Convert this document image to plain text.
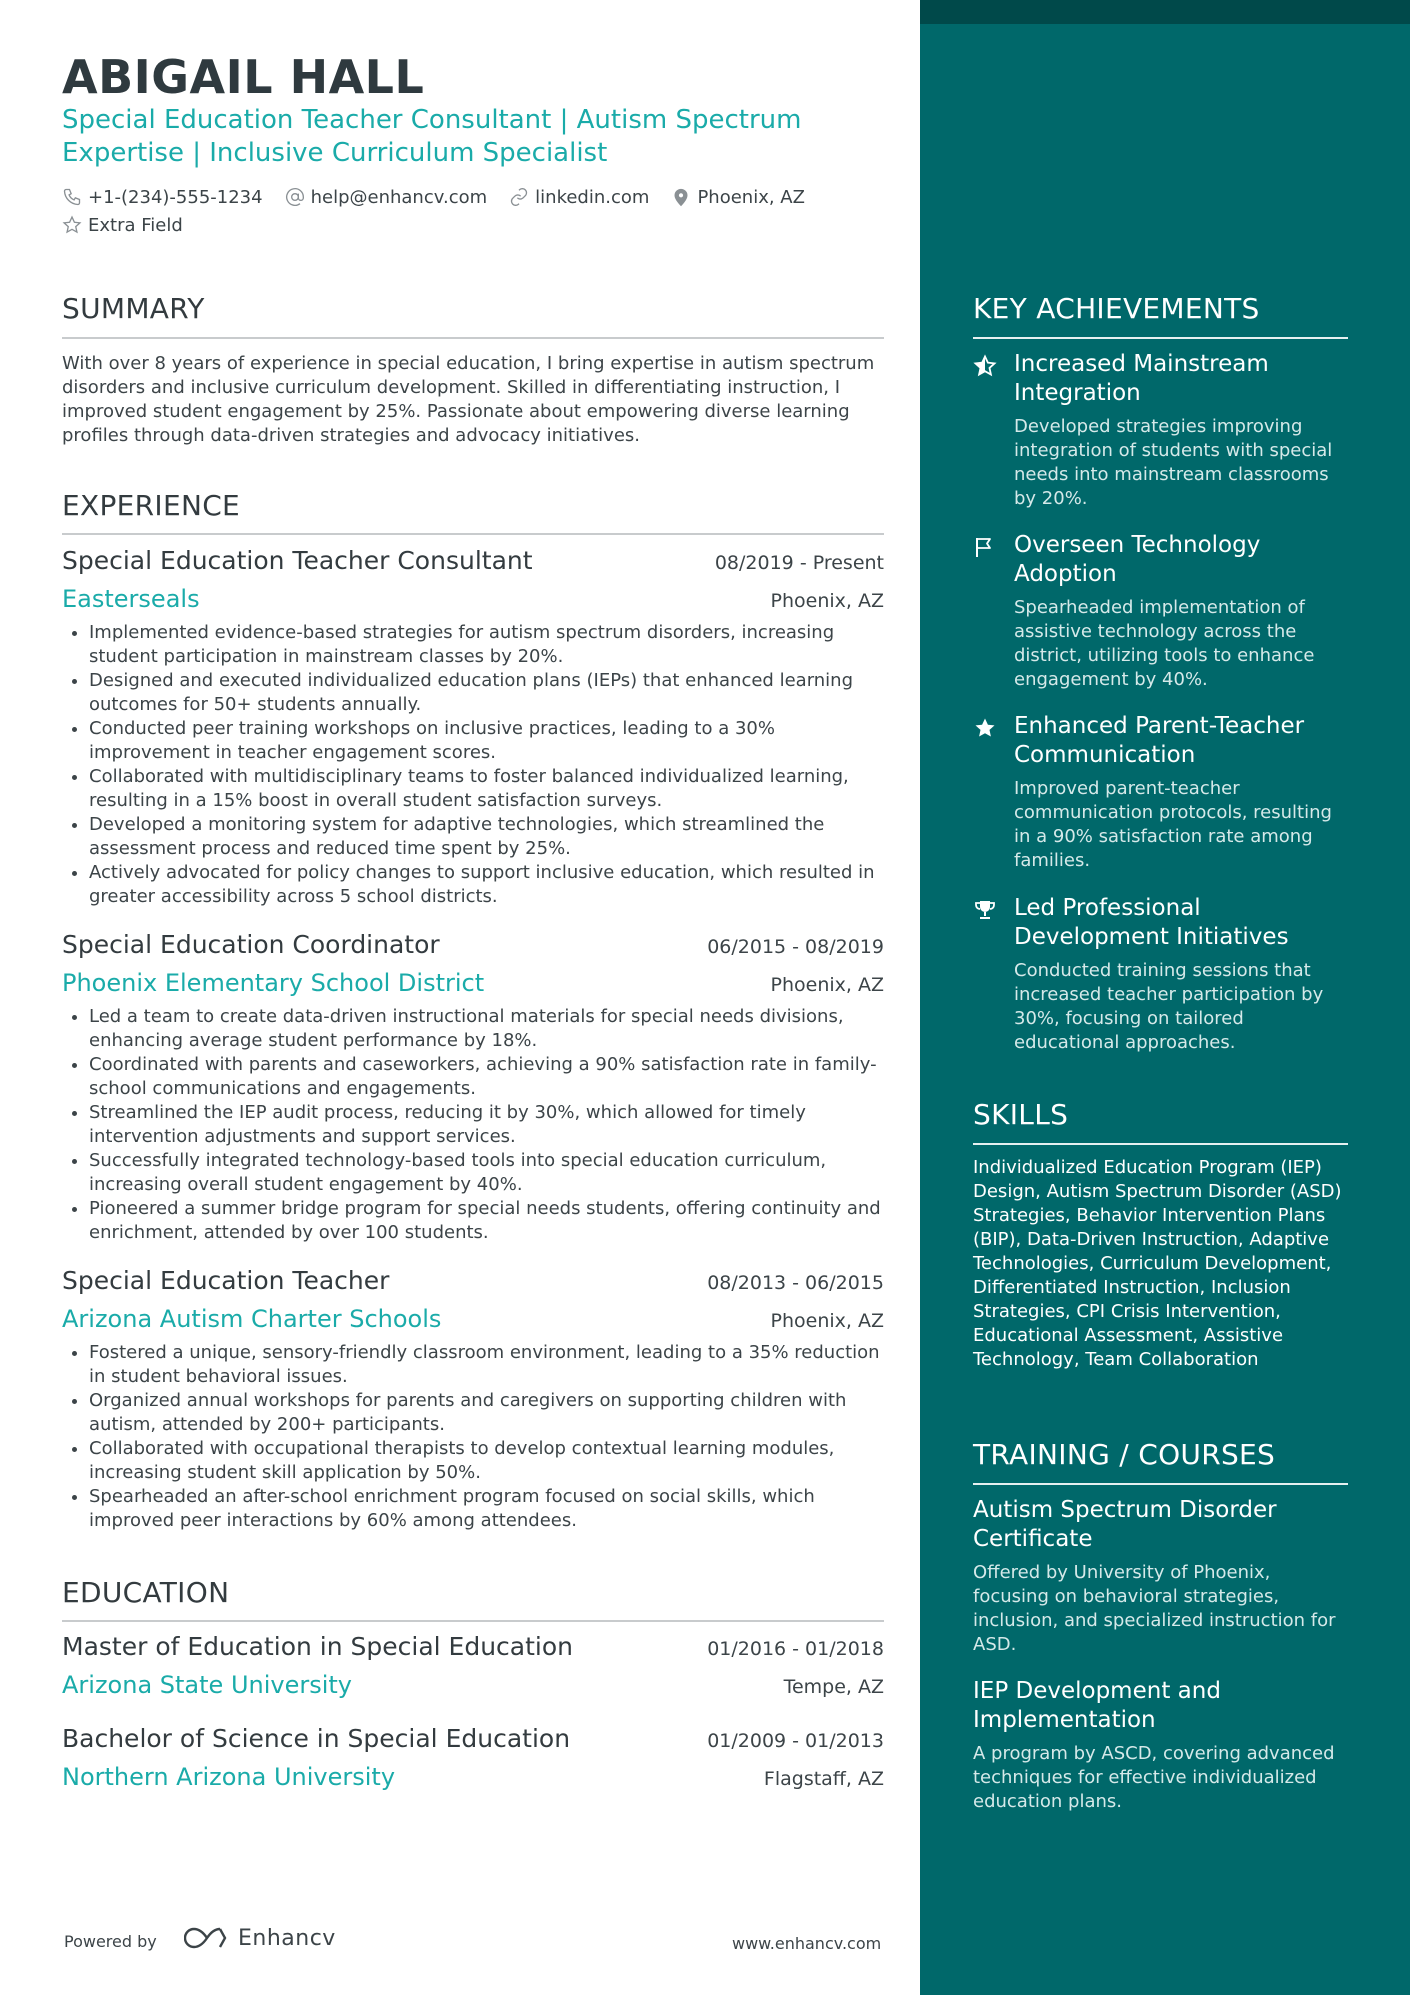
ABIGAIL HALL
Special Education Teacher Consultant | Autism Spectrum Expertise | Inclusive Curriculum Specialist
+1-(234)-555-1234	help@enhancv.com	linkedin.com	Phoenix, AZ
Extra Field
SUMMARY
With over 8 years of experience in special education, I bring expertise in autism spectrum disorders and inclusive curriculum development. Skilled in differentiating instruction, I improved student engagement by 25%. Passionate about empowering diverse learning profiles through data-driven strategies and advocacy initiatives.
EXPERIENCE
Special Education Teacher Consultant	08/2019 - Present
Easterseals	Phoenix, AZ
Implemented evidence-based strategies for autism spectrum disorders, increasing student participation in mainstream classes by 20%.
Designed and executed individualized education plans (IEPs) that enhanced learning outcomes for 50+ students annually.
Conducted peer training workshops on inclusive practices, leading to a 30% improvement in teacher engagement scores.
Collaborated with multidisciplinary teams to foster balanced individualized learning, resulting in a 15% boost in overall student satisfaction surveys.
Developed a monitoring system for adaptive technologies, which streamlined the assessment process and reduced time spent by 25%.
Actively advocated for policy changes to support inclusive education, which resulted in greater accessibility across 5 school districts.
Special Education Coordinator	06/2015 - 08/2019
Phoenix Elementary School District	Phoenix, AZ
Led a team to create data-driven instructional materials for special needs divisions, enhancing average student performance by 18%.
Coordinated with parents and caseworkers, achieving a 90% satisfaction rate in family-school communications and engagements.
Streamlined the IEP audit process, reducing it by 30%, which allowed for timely intervention adjustments and support services.
Successfully integrated technology-based tools into special education curriculum, increasing overall student engagement by 40%.
Pioneered a summer bridge program for special needs students, offering continuity and enrichment, attended by over 100 students.
Special Education Teacher	08/2013 - 06/2015
Arizona Autism Charter Schools	Phoenix, AZ
Fostered a unique, sensory-friendly classroom environment, leading to a 35% reduction in student behavioral issues.
Organized annual workshops for parents and caregivers on supporting children with autism, attended by 200+ participants.
Collaborated with occupational therapists to develop contextual learning modules, increasing student skill application by 50%.
Spearheaded an after-school enrichment program focused on social skills, which improved peer interactions by 60% among attendees.
EDUCATION
Master of Education in Special Education	01/2016 - 01/2018
Arizona State University	Tempe, AZ
Bachelor of Science in Special Education	01/2009 - 01/2013
Northern Arizona University	Flagstaff, AZ
Powered by	Enhancv	www.enhancv.com
KEY ACHIEVEMENTS
Increased Mainstream Integration
Developed strategies improving integration of students with special needs into mainstream classrooms by 20%.
Overseen Technology Adoption
Spearheaded implementation of assistive technology across the district, utilizing tools to enhance engagement by 40%.
Enhanced Parent-Teacher Communication
Improved parent-teacher communication protocols, resulting in a 90% satisfaction rate among families.
Led Professional Development Initiatives
Conducted training sessions that increased teacher participation by 30%, focusing on tailored educational approaches.
SKILLS
Individualized Education Program (IEP) Design, Autism Spectrum Disorder (ASD) Strategies, Behavior Intervention Plans (BIP), Data-Driven Instruction, Adaptive Technologies, Curriculum Development, Differentiated Instruction, Inclusion Strategies, CPI Crisis Intervention, Educational Assessment, Assistive Technology, Team Collaboration
TRAINING / COURSES
Autism Spectrum Disorder Certificate
Offered by University of Phoenix, focusing on behavioral strategies, inclusion, and specialized instruction for ASD.
IEP Development and Implementation
A program by ASCD, covering advanced techniques for effective individualized education plans.
